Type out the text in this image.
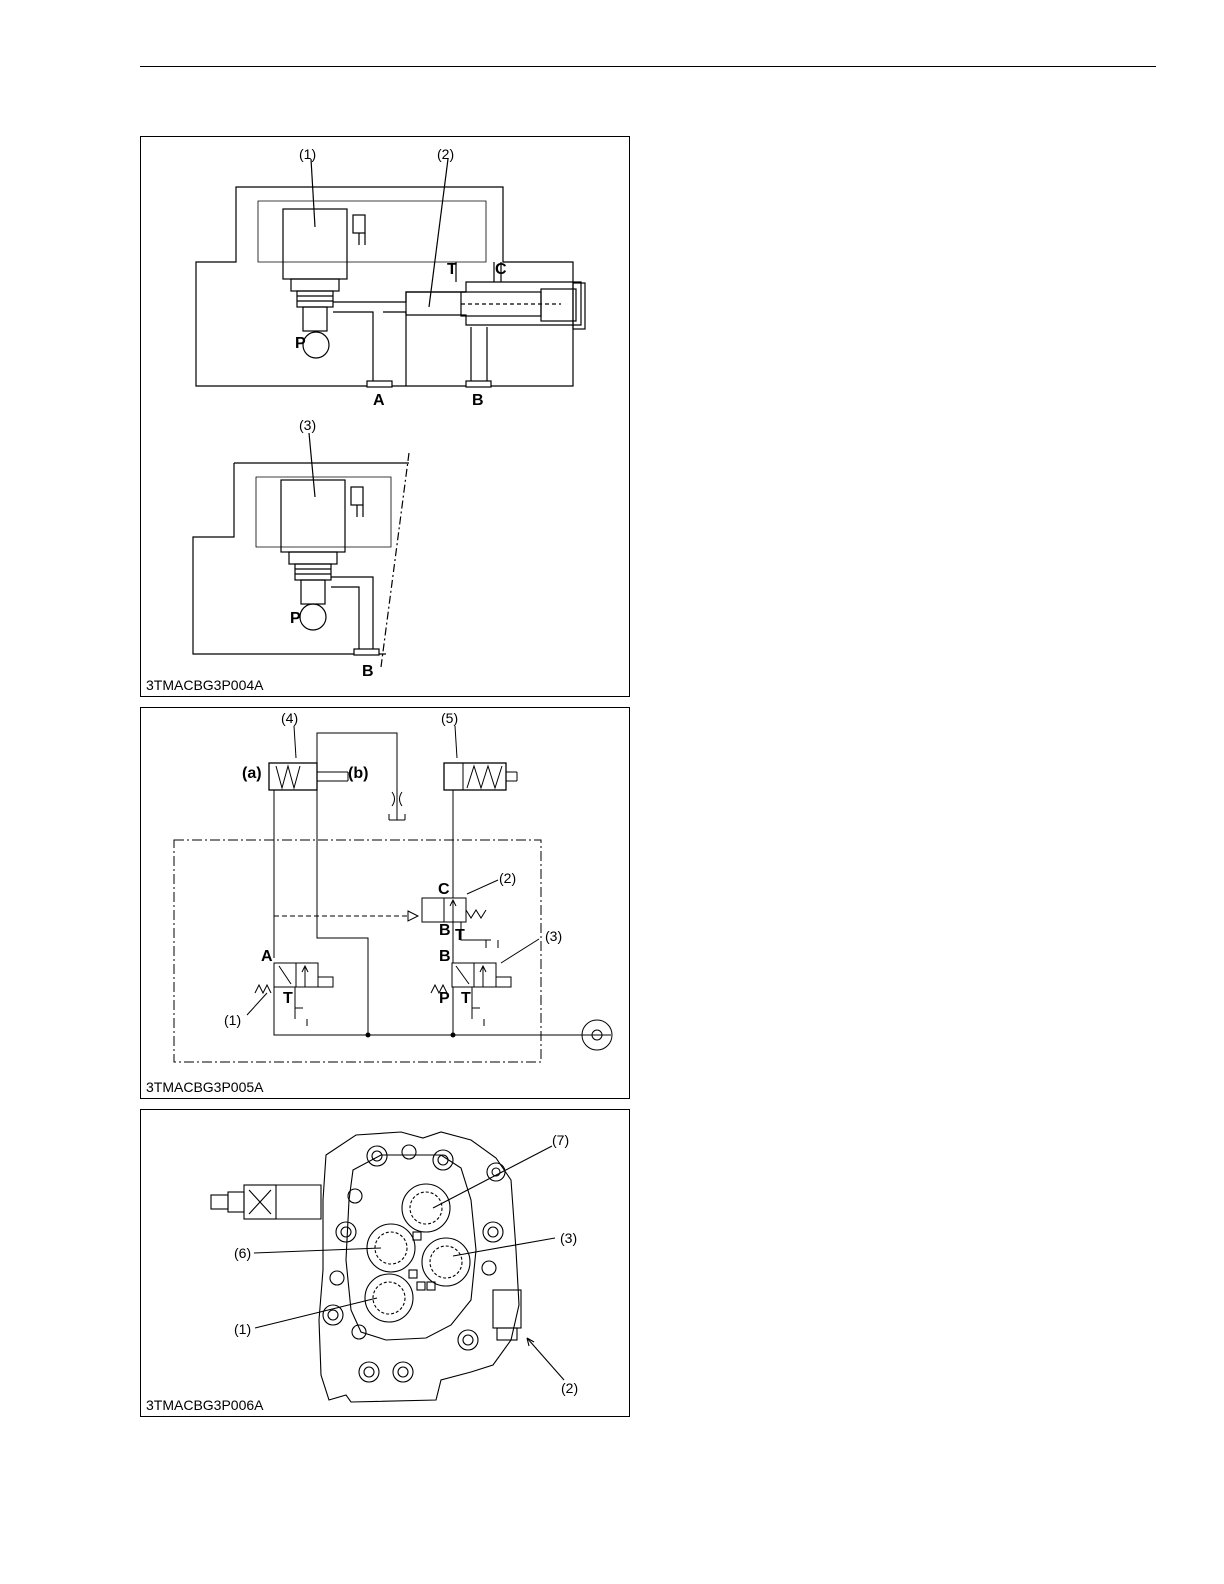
(1)	(2)
(3)
T C
P
A	B
P
B
3TMACBG3P004A
(4)	(5)
(2)
(3)
(1)
(a)	(b)
C
B T
A
T
B
P T
3TMACBG3P005A
(7)
(6)
(3)
(1)
(2)
3TMACBG3P006A
